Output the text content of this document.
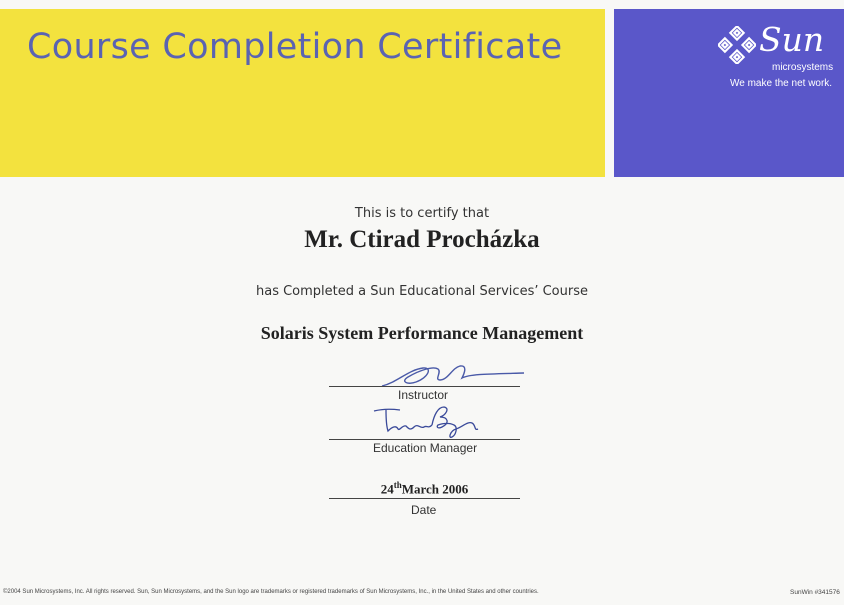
Course Completion Certificate	Sun
microsystems
We make the net work.
This is to certify that
Mr. Ctirad Procházka
has Completed a Sun Educational Services’ Course
Solaris System Performance Management
Instructor
Education Manager
24thMarch 2006
Date
©2004 Sun Microsystems, Inc. All rights reserved. Sun, Sun Microsystems, and the Sun logo are trademarks or registered trademarks of Sun Microsystems, Inc., in the United States and other countries.	SunWin #341576
